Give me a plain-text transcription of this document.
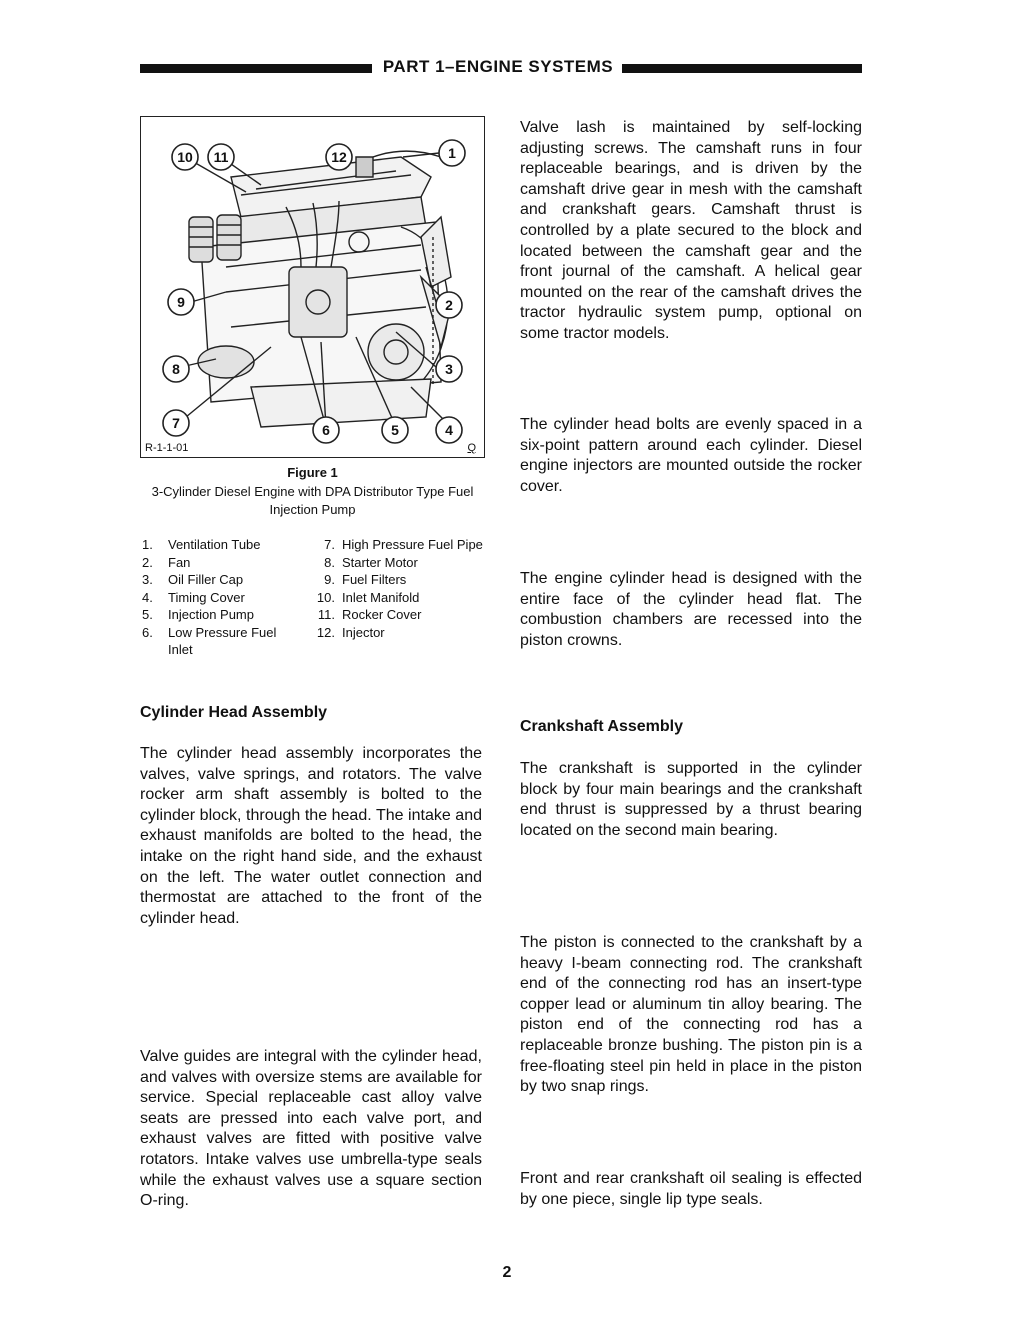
PART 1–ENGINE SYSTEMS
10 11	12	1
9	2
8	3
7	6	5	4
R-1-1-01	Q
Figure 1
3-Cylinder Diesel Engine with DPA Distributor Type Fuel Injection Pump
1.	Ventilation Tube
2.	Fan
3.	Oil Filler Cap
4.	Timing Cover
5.	Injection Pump
6.	Low Pressure Fuel Inlet
7. High Pressure Fuel Pipe
8. Starter Motor
9. Fuel Filters
10. Inlet Manifold
11. Rocker Cover
12. Injector
Cylinder Head Assembly

The cylinder head assembly incorporates the valves, valve springs, and rotators. The valve rocker arm shaft assembly is bolted to the cylinder block, through the head. The intake and exhaust manifolds are bolted to the head, the intake on the right hand side, and the exhaust on the left. The water outlet connection and thermostat are attached to the front of the cylinder head.

Valve guides are integral with the cylinder head, and valves with oversize stems are available for service. Special replaceable cast alloy valve seats are pressed into each valve port, and exhaust valves are fitted with positive valve rotators. Intake valves use umbrella-type seals while the exhaust valves use a square section O-ring.

Valve lash is maintained by self-locking adjusting screws. The camshaft runs in four replaceable bearings, and is driven by the camshaft drive gear in mesh with the camshaft and crankshaft gears. Camshaft thrust is controlled by a plate secured to the block and located between the camshaft gear and the front journal of the camshaft. A helical gear mounted on the rear of the camshaft drives the tractor hydraulic system pump, optional on some tractor models.

The cylinder head bolts are evenly spaced in a six-point pattern around each cylinder. Diesel engine injectors are mounted outside the rocker cover.

The engine cylinder head is designed with the entire face of the cylinder head flat. The combustion chambers are recessed into the piston crowns.

Crankshaft Assembly

The crankshaft is supported in the cylinder block by four main bearings and the crankshaft end thrust is suppressed by a thrust bearing located on the second main bearing.

The piston is connected to the crankshaft by a heavy I-beam connecting rod. The crankshaft end of the connecting rod has an insert-type copper lead or aluminum tin alloy bearing. The piston end of the connecting rod has a replaceable bronze bushing. The piston pin is a free-floating steel pin held in place in the piston by two snap rings.

Front and rear crankshaft oil sealing is effected by one piece, single lip type seals.

2
